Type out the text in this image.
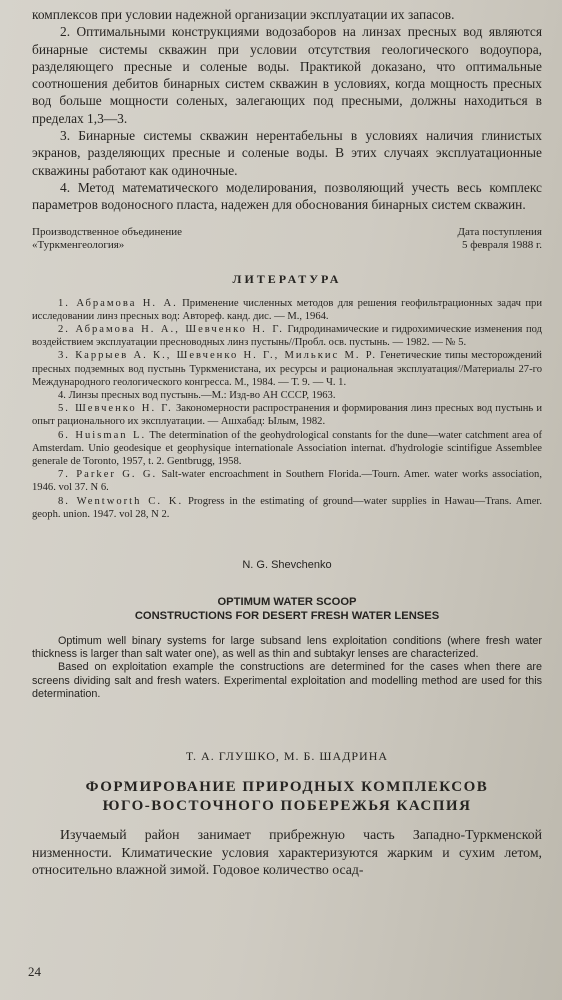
комплексов при условии надежной организации эксплуатации их запасов.

2. Оптимальными конструкциями водозаборов на линзах пресных вод являются бинарные системы скважин при условии отсутствия геологического водоупора, разделяющего пресные и соленые воды. Практикой доказано, что оптимальные соотношения дебитов бинарных систем скважин в условиях, когда мощность пресных вод больше мощности соленых, залегающих под пресными, должны находиться в пределах 1,3—3.

3. Бинарные системы скважин нерентабельны в условиях наличия глинистых экранов, разделяющих пресные и соленые воды. В этих случаях эксплуатационные скважины работают как одиночные.

4. Метод математического моделирования, позволяющий учесть весь комплекс параметров водоносного пласта, надежен для обоснования бинарных систем скважин.

Производственное объединение
«Туркменгеология»
Дата поступления
5 февраля 1988 г.
ЛИТЕРАТУРА

1. Абрамова Н. А. Применение численных методов для решения геофильтрационных задач при исследовании линз пресных вод: Автореф. канд. дис. — М., 1964.

2. Абрамова Н. А., Шевченко Н. Г. Гидродинамические и гидрохимические изменения под воздействием эксплуатации пресноводных линз пустынь//Пробл. осв. пустынь. — 1982. — № 5.

3. Каррыев А. К., Шевченко Н. Г., Милькис М. Р. Генетические типы месторождений пресных подземных вод пустынь Туркменистана, их ресурсы и рациональная эксплуатация//Материалы 27-го Международного геологического конгресса. М., 1984. — Т. 9. — Ч. 1.

4. Линзы пресных вод пустынь.—М.: Изд-во АН СССР, 1963.

5. Шевченко Н. Г. Закономерности распространения и формирования линз пресных вод пустынь и опыт рационального их эксплуатации. — Ашхабад: Ылым, 1982.

6. Huisman L. The determination of the geohydrological constants for the dune—water catchment area of Amsterdam. Unio geodesique et geophysique internationale Association internat. d'hydrologie scintifigue Assemblee generale de Toronto, 1957, t. 2. Gentbrugg, 1958.

7. Parker G. G. Salt-water encroachment in Southern Florida.—Tourn. Amer. water works association, 1946. vol 37. N 6.

8. Wentworth C. K. Progress in the estimating of ground—water supplies in Hawau—Trans. Amer. geoph. union. 1947. vol 28, N 2.

N. G. Shevchenko
OPTIMUM WATER SCOOP
CONSTRUCTIONS FOR DESERT FRESH WATER LENSES

Optimum well binary systems for large subsand lens exploitation conditions (where fresh water thickness is larger than salt water one), as well as thin and subtakyr lenses are characterized.

Based on exploitation example the constructions are determined for the cases when there are screens dividing salt and fresh waters. Experimental exploitation and modelling method are used for this determination.

Т. А. ГЛУШКО, М. Б. ШАДРИНА
ФОРМИРОВАНИЕ ПРИРОДНЫХ КОМПЛЕКСОВ
ЮГО-ВОСТОЧНОГО ПОБЕРЕЖЬЯ КАСПИЯ

Изучаемый район занимает прибрежную часть Западно-Туркменской низменности. Климатические условия характеризуются жарким и сухим летом, относительно влажной зимой. Годовое количество осад-

24
